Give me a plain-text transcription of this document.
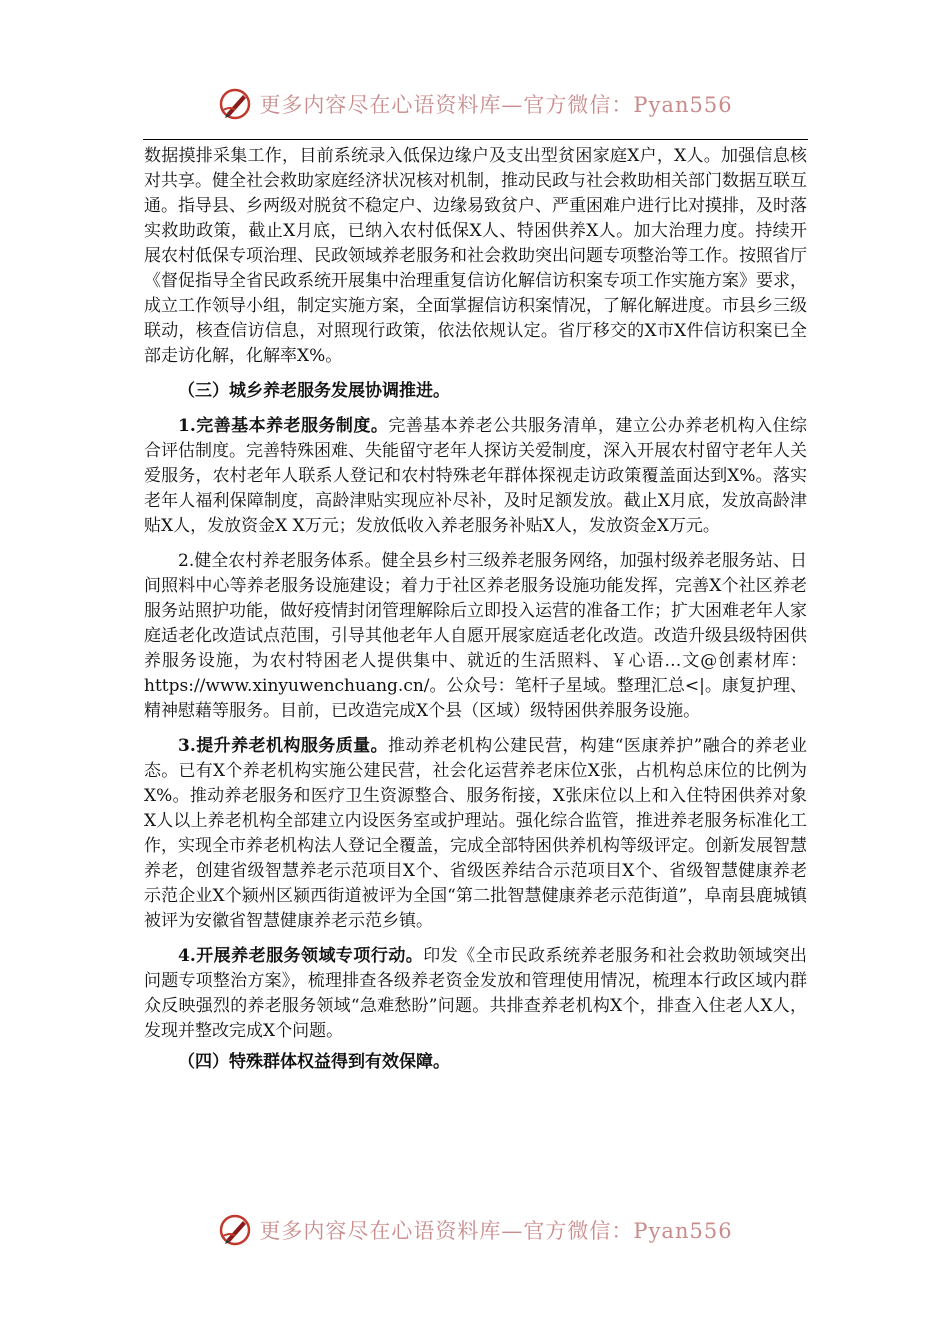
更多内容尽在心语资料库—官方微信：Pyan556

数据摸排采集工作，目前系统录入低保边缘户及支出型贫困家庭X户，X人。加强信息核对共享。健全社会救助家庭经济状况核对机制，推动民政与社会救助相关部门数据互联互通。指导县、乡两级对脱贫不稳定户、边缘易致贫户、严重困难户进行比对摸排，及时落实救助政策，截止X月底，已纳入农村低保X人、特困供养X人。加大治理力度。持续开展农村低保专项治理、民政领域养老服务和社会救助突出问题专项整治等工作。按照省厅《督促指导全省民政系统开展集中治理重复信访化解信访积案专项工作实施方案》要求，成立工作领导小组，制定实施方案，全面掌握信访积案情况，了解化解进度。市县乡三级联动，核查信访信息，对照现行政策，依法依规认定。省厅移交的X市X件信访积案已全部走访化解，化解率X%。

（三）城乡养老服务发展协调推进。

1.完善基本养老服务制度。完善基本养老公共服务清单，建立公办养老机构入住综合评估制度。完善特殊困难、失能留守老年人探访关爱制度，深入开展农村留守老年人关爱服务，农村老年人联系人登记和农村特殊老年群体探视走访政策覆盖面达到X%。落实老年人福利保障制度，高龄津贴实现应补尽补，及时足额发放。截止X月底，发放高龄津贴X人，发放资金X X万元；发放低收入养老服务补贴X人，发放资金X万元。

2.健全农村养老服务体系。健全县乡村三级养老服务网络，加强村级养老服务站、日间照料中心等养老服务设施建设；着力于社区养老服务设施功能发挥，完善X个社区养老服务站照护功能，做好疫情封闭管理解除后立即投入运营的准备工作；扩大困难老年人家庭适老化改造试点范围，引导其他老年人自愿开展家庭适老化改造。改造升级县级特困供养服务设施，为农村特困老人提供集中、就近的生活照料、￥心语…文@创素材库：https://www.xinyuwenchuang.cn/。公众号：笔杆子星域。整理汇总<|。康复护理、精神慰藉等服务。目前，已改造完成X个县（区域）级特困供养服务设施。

3.提升养老机构服务质量。推动养老机构公建民营，构建“医康养护”融合的养老业态。已有X个养老机构实施公建民营，社会化运营养老床位X张，占机构总床位的比例为X%。推动养老服务和医疗卫生资源整合、服务衔接，X张床位以上和入住特困供养对象X人以上养老机构全部建立内设医务室或护理站。强化综合监管，推进养老服务标准化工作，实现全市养老机构法人登记全覆盖，完成全部特困供养机构等级评定。创新发展智慧养老，创建省级智慧养老示范项目X个、省级医养结合示范项目X个、省级智慧健康养老示范企业X个颍州区颍西街道被评为全国“第二批智慧健康养老示范街道”，阜南县鹿城镇被评为安徽省智慧健康养老示范乡镇。

4.开展养老服务领域专项行动。印发《全市民政系统养老服务和社会救助领域突出问题专项整治方案》，梳理排查各级养老资金发放和管理使用情况，梳理本行政区域内群众反映强烈的养老服务领域“急难愁盼”问题。共排查养老机构X个，排查入住老人X人，发现并整改完成X个问题。

（四）特殊群体权益得到有效保障。

更多内容尽在心语资料库—官方微信：Pyan556
